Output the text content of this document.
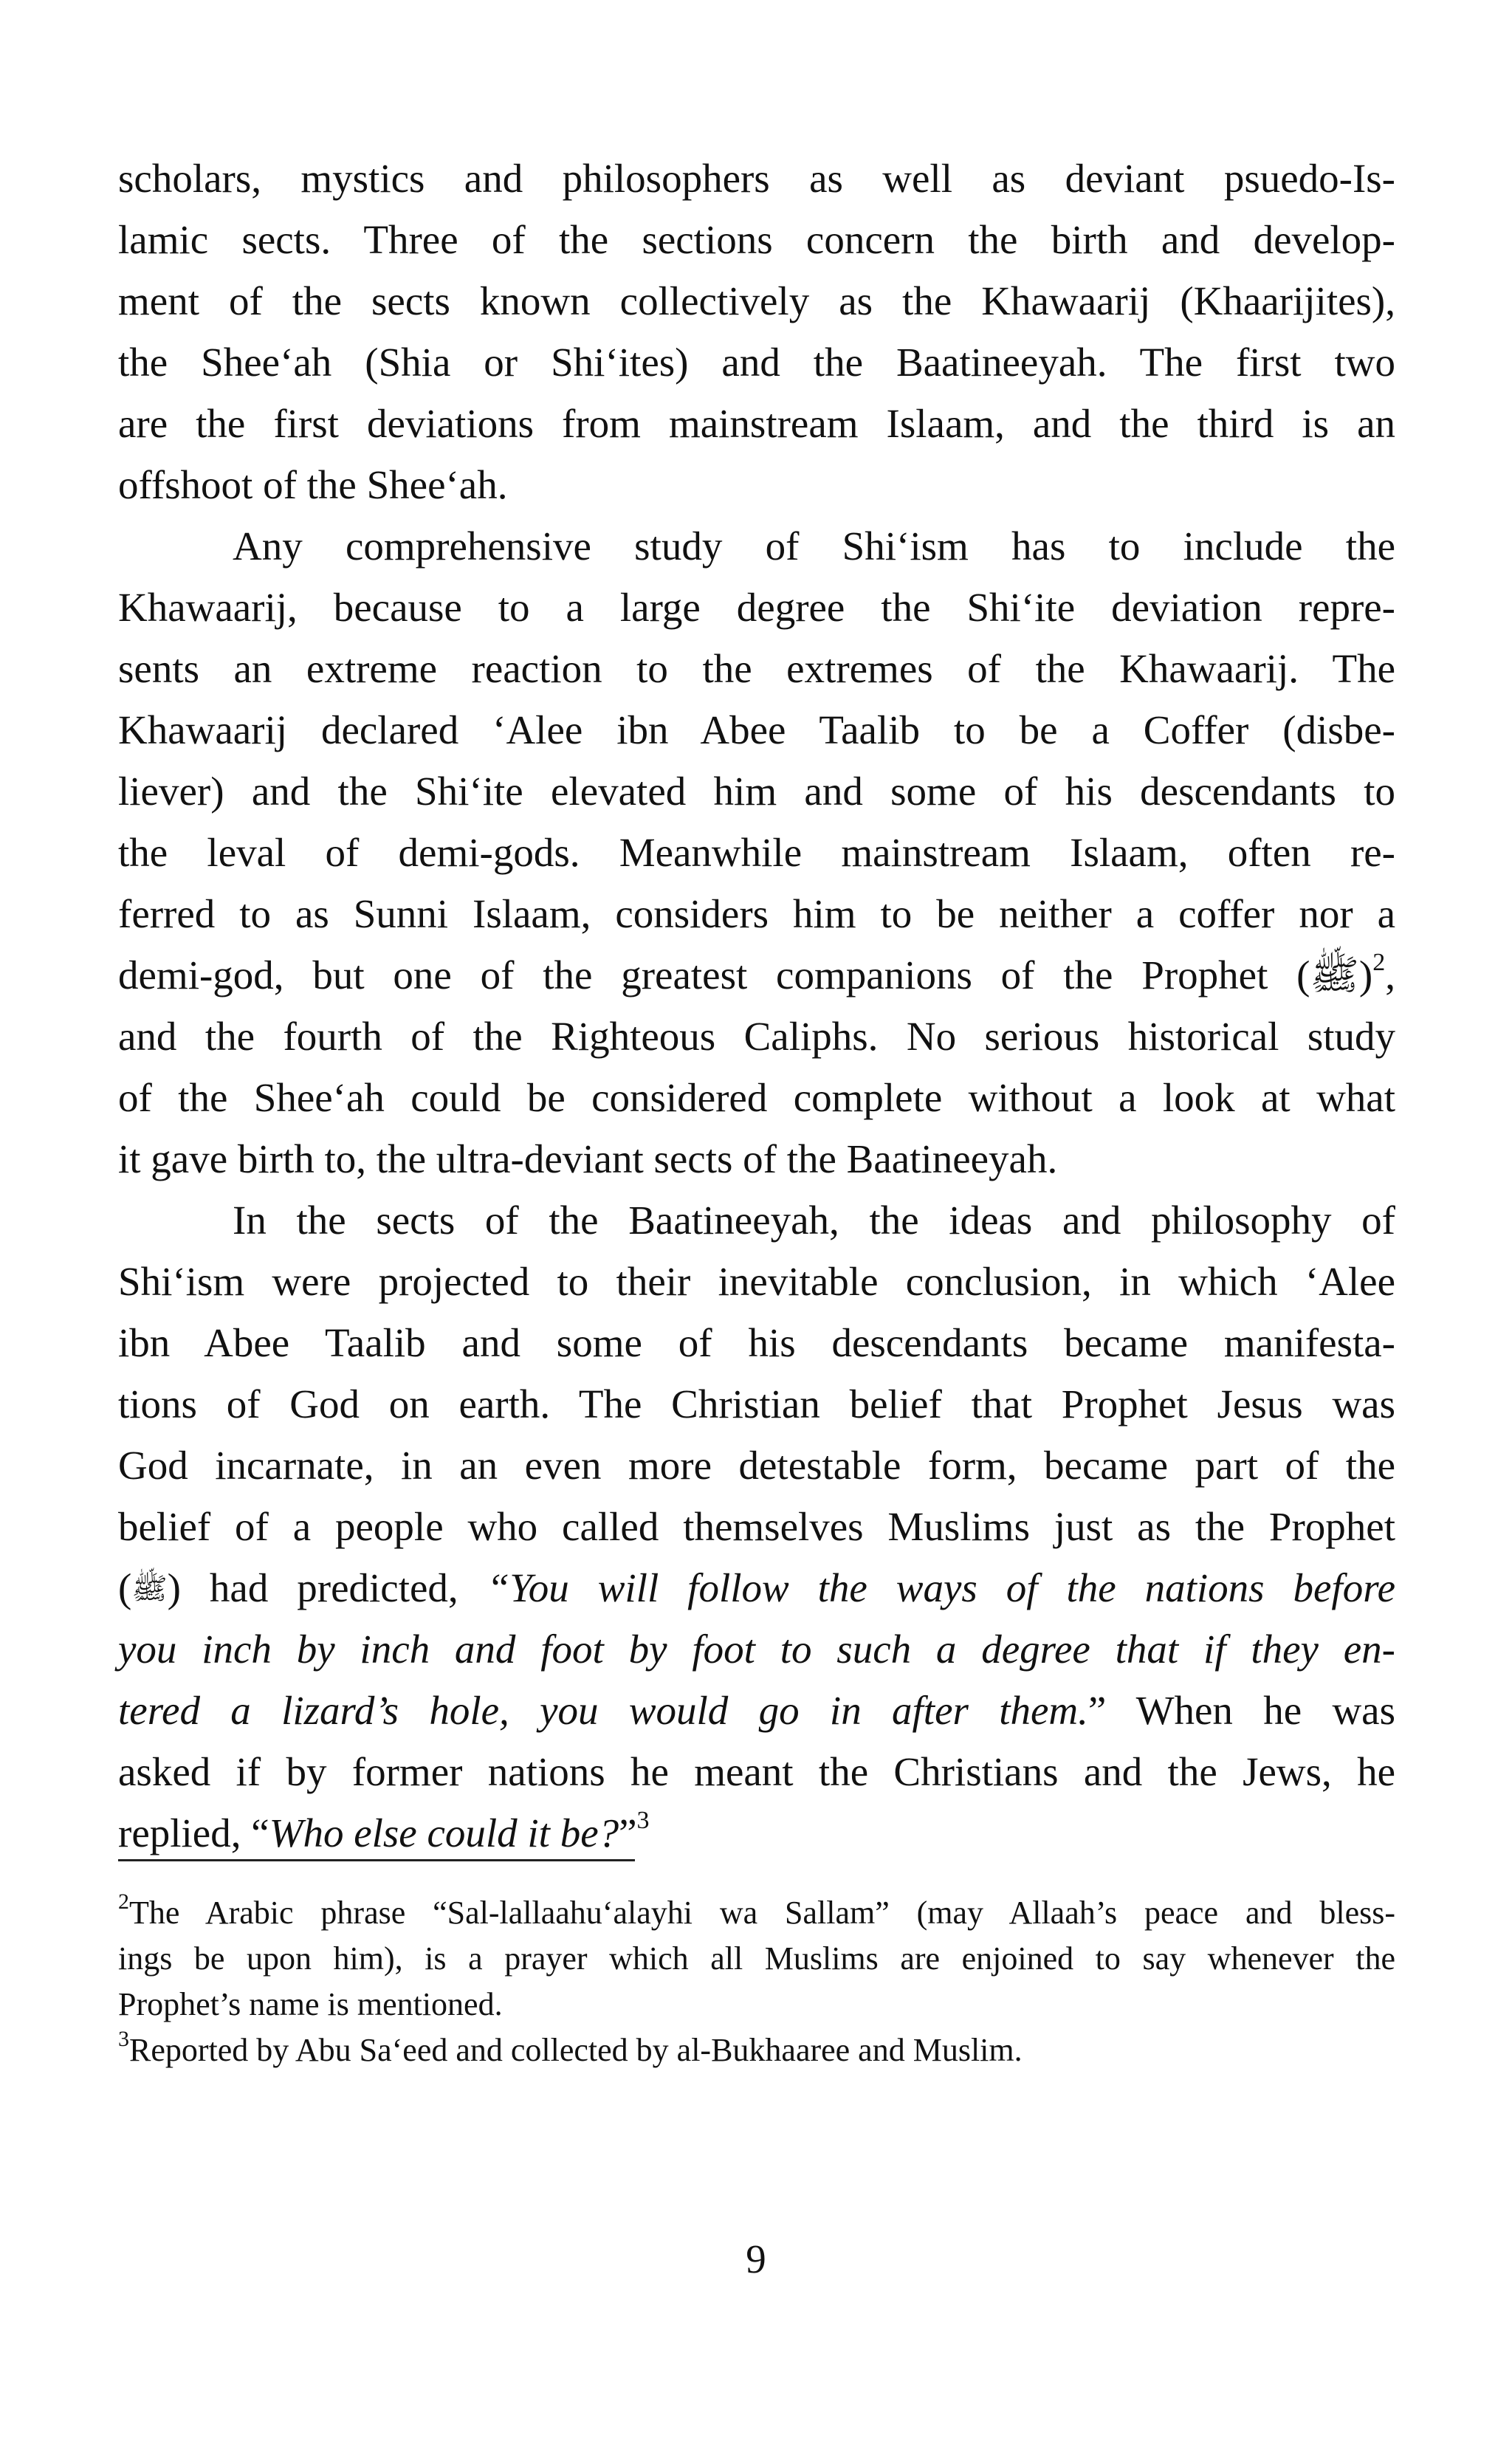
scholars, mystics and philosophers as well as deviant psuedo-Is-
lamic sects. Three of the sections concern the birth and develop-
ment of the sects known collectively as the Khawaarij (Khaarijites),
the Shee‘ah (Shia or Shi‘ites) and the Baatineeyah. The first two
are the first deviations from mainstream Islaam, and the third is an
offshoot of the Shee‘ah.
Any comprehensive study of Shi‘ism has to include the
Khawaarij, because to a large degree the Shi‘ite deviation repre-
sents an extreme reaction to the extremes of the Khawaarij. The
Khawaarij declared ‘Alee ibn Abee Taalib to be a Coffer (disbe-
liever) and the Shi‘ite elevated him and some of his descendants to
the leval of demi-gods. Meanwhile mainstream Islaam, often re-
ferred to as Sunni Islaam, considers him to be neither a coffer nor a
demi-god, but one of the greatest companions of the Prophet (ﷺ)$^2$,
and the fourth of the Righteous Caliphs. No serious historical study
of the Shee‘ah could be considered complete without a look at what
it gave birth to, the ultra-deviant sects of the Baatineeyah.
In the sects of the Baatineeyah, the ideas and philosophy of
Shi‘ism were projected to their inevitable conclusion, in which ‘Alee
ibn Abee Taalib and some of his descendants became manifesta-
tions of God on earth. The Christian belief that Prophet Jesus was
God incarnate, in an even more detestable form, became part of the
belief of a people who called themselves Muslims just as the Prophet
(ﷺ) had predicted, “You will follow the ways of the nations before
you inch by inch and foot by foot to such a degree that if they en-
tered a lizard’s hole, you would go in after them.” When he was
asked if by former nations he meant the Christians and the Jews, he
replied, “Who else could it be?”$^3$
$^2$The Arabic phrase “Sal-lallaahu‘alayhi wa Sallam” (may Allaah’s peace and bless-
ings be upon him), is a prayer which all Muslims are enjoined to say whenever the
Prophet’s name is mentioned.
$^3$Reported by Abu Sa‘eed and collected by al-Bukhaaree and Muslim.
9
